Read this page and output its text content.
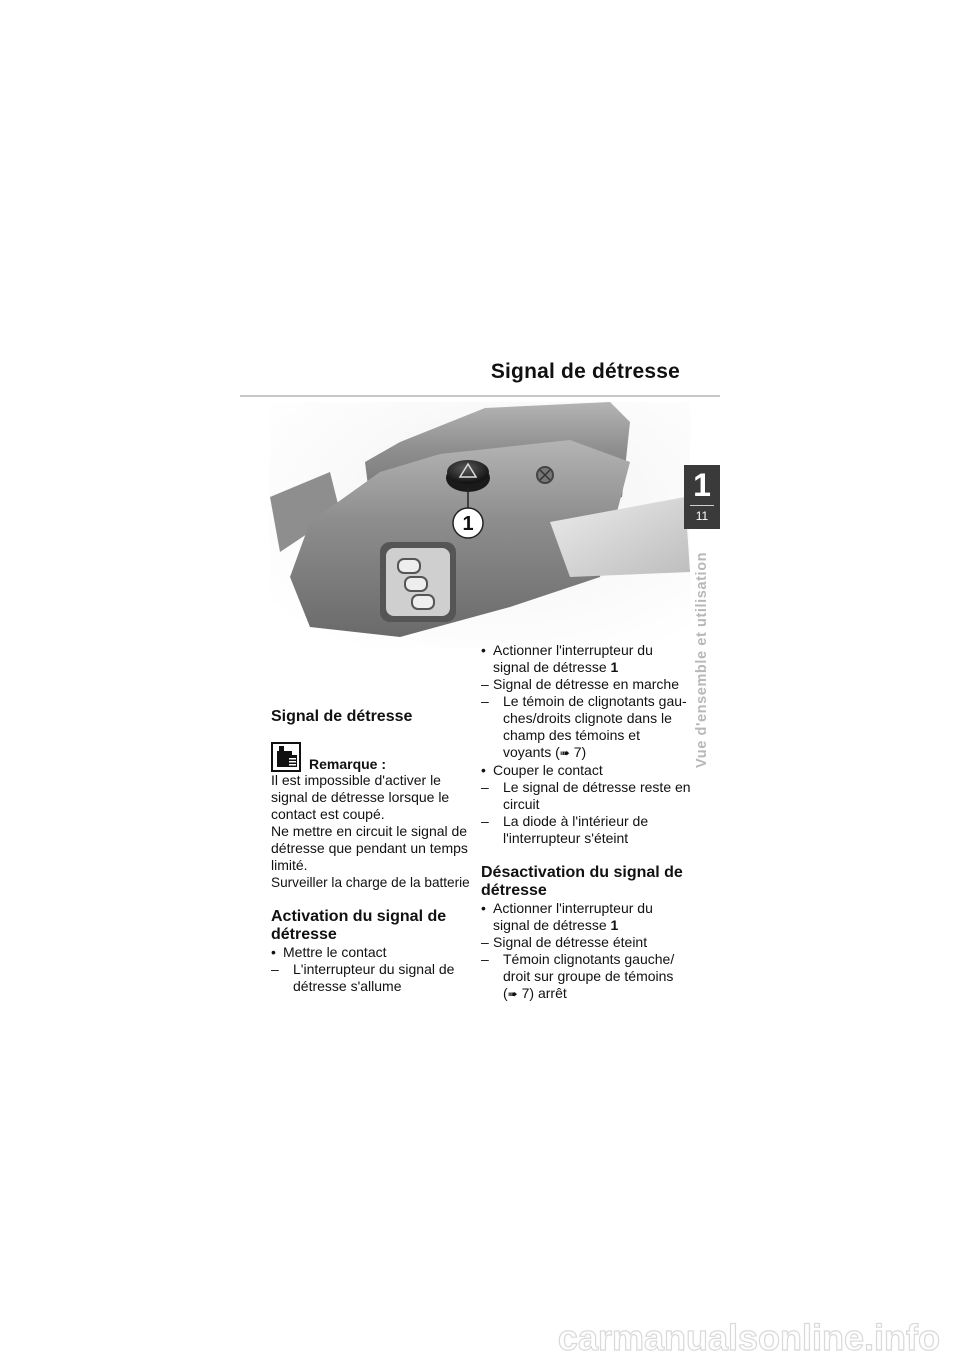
Signal de détresse
1
1
11
Vue d'ensemble et utilisation
Signal de détresse
Remarque :

Il est impossible d'activer le

signal de détresse lorsque le

contact est coupé.

Ne mettre en circuit le signal de

détresse que pendant un temps

limité.

Surveiller la charge de la batterie

Activation du signal de
détresse
• Mettre le contact
– L'interrupteur du signal de
détresse s'allume
• Actionner l'interrupteur du
signal de détresse 1
– Signal de détresse en marche
– Le témoin de clignotants gau-
ches/droits clignote dans le
champ des témoins et
voyants (➠ 7)
• Couper le contact
– Le signal de détresse reste en
circuit
– La diode à l'intérieur de
l'interrupteur s'éteint
Désactivation du signal de
détresse
• Actionner l'interrupteur du
signal de détresse 1
– Signal de détresse éteint
– Témoin clignotants gauche/
droit sur groupe de témoins
(➠ 7) arrêt
carmanualsonline.info
